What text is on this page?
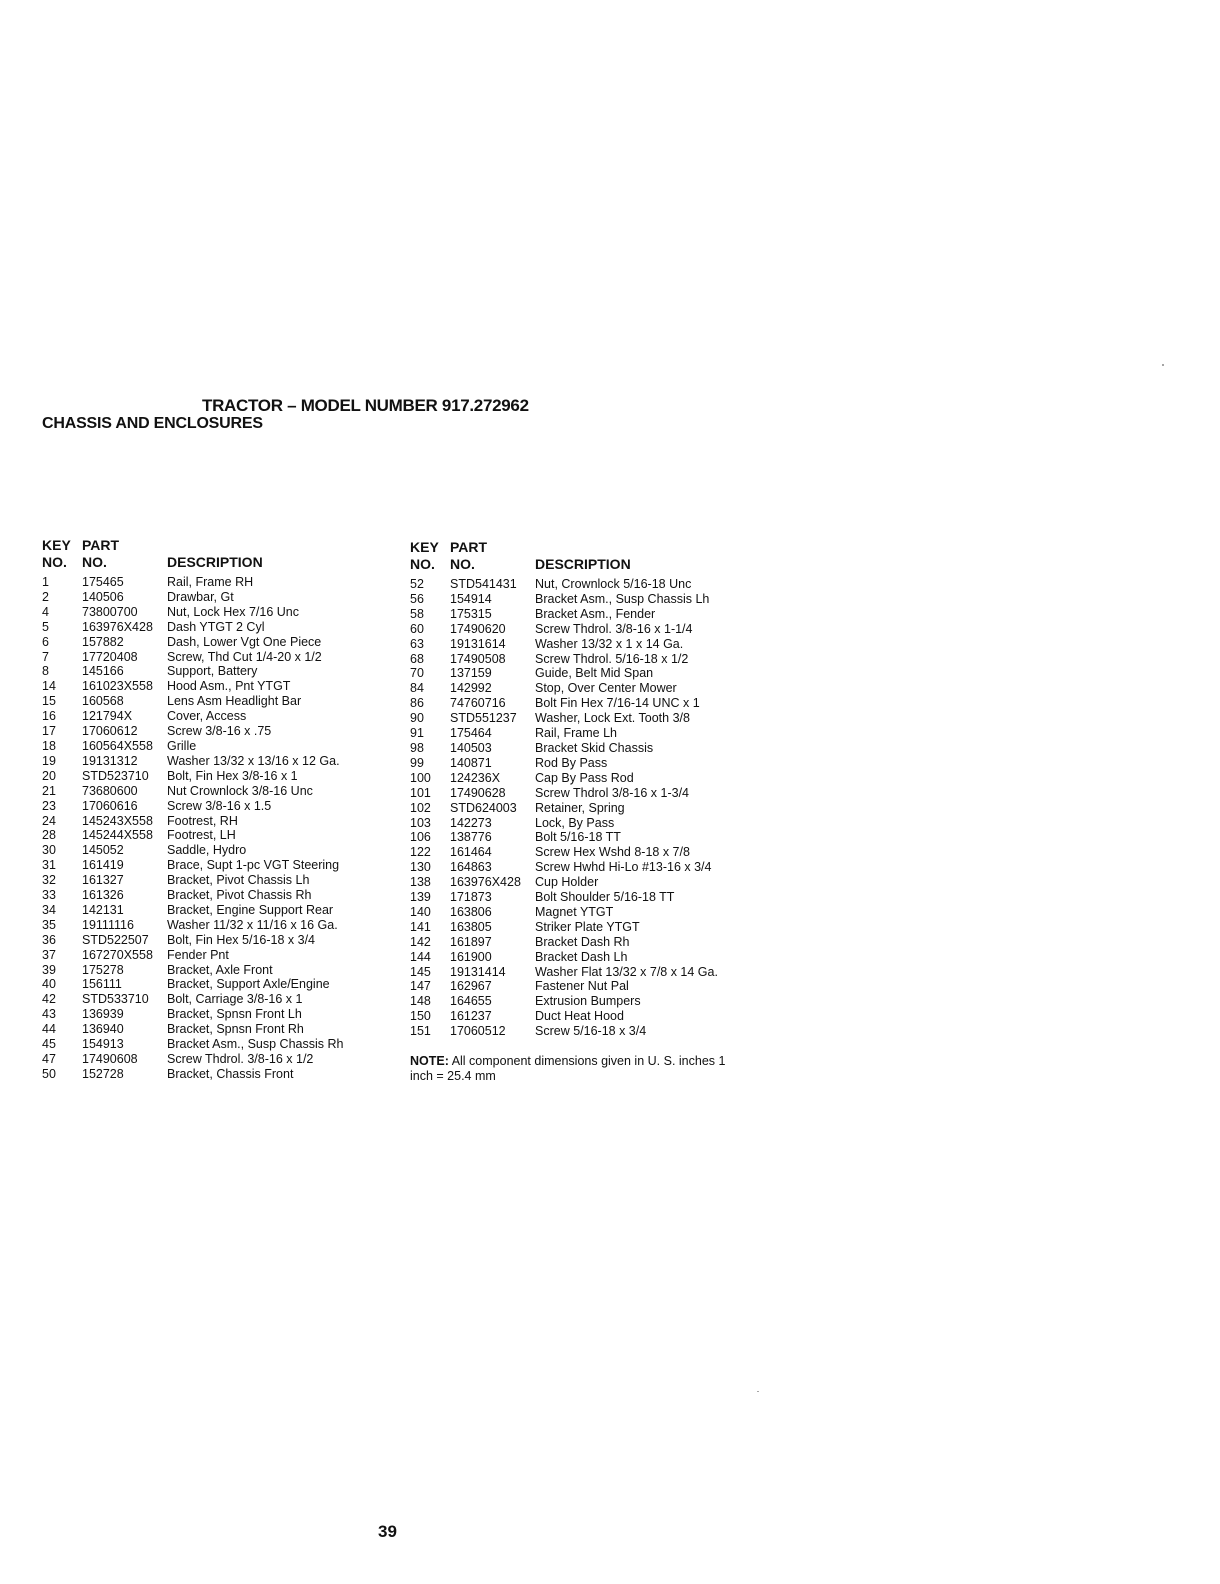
TRACTOR – MODEL NUMBER 917.272962
CHASSIS AND ENCLOSURES
KEY PART
NO. NO.	DESCRIPTION
1	175465	Rail, Frame RH
2	140506	Drawbar, Gt
4	73800700	Nut, Lock Hex 7/16 Unc
5	163976X428	Dash YTGT 2 Cyl
6	157882	Dash, Lower Vgt One Piece
7	17720408	Screw, Thd Cut 1/4-20 x 1/2
8	145166	Support, Battery
14	161023X558	Hood Asm., Pnt YTGT
15	160568	Lens Asm Headlight Bar
16	121794X	Cover, Access
17	17060612	Screw 3/8-16 x .75
18	160564X558	Grille
19	19131312	Washer 13/32 x 13/16 x 12 Ga.
20	STD523710	Bolt, Fin Hex 3/8-16 x 1
21	73680600	Nut Crownlock 3/8-16 Unc
23	17060616	Screw 3/8-16 x 1.5
24	145243X558	Footrest, RH
28	145244X558	Footrest, LH
30	145052	Saddle, Hydro
31	161419	Brace, Supt 1-pc VGT Steering
32	161327	Bracket, Pivot Chassis Lh
33	161326	Bracket, Pivot Chassis Rh
34	142131	Bracket, Engine Support Rear
35	19111116	Washer 11/32 x 11/16 x 16 Ga.
36	STD522507	Bolt, Fin Hex 5/16-18 x 3/4
37	167270X558	Fender Pnt
39	175278	Bracket, Axle Front
40	156111	Bracket, Support Axle/Engine
42	STD533710	Bolt, Carriage 3/8-16 x 1
43	136939	Bracket, Spnsn Front Lh
44	136940	Bracket, Spnsn Front Rh
45	154913	Bracket Asm., Susp Chassis Rh
47	17490608	Screw Thdrol. 3/8-16 x 1/2
50	152728	Bracket, Chassis Front
KEY PART
NO. NO.	DESCRIPTION
52	STD541431	Nut, Crownlock 5/16-18 Unc
56	154914	Bracket Asm., Susp Chassis Lh
58	175315	Bracket Asm., Fender
60	17490620	Screw Thdrol. 3/8-16 x 1-1/4
63	19131614	Washer 13/32 x 1 x 14 Ga.
68	17490508	Screw Thdrol. 5/16-18 x 1/2
70	137159	Guide, Belt Mid Span
84	142992	Stop, Over Center Mower
86	74760716	Bolt Fin Hex 7/16-14 UNC x 1
90	STD551237	Washer, Lock Ext. Tooth 3/8
91	175464	Rail, Frame Lh
98	140503	Bracket Skid Chassis
99	140871	Rod By Pass
100	124236X	Cap By Pass Rod
101	17490628	Screw Thdrol 3/8-16 x 1-3/4
102	STD624003	Retainer, Spring
103	142273	Lock, By Pass
106	138776	Bolt 5/16-18 TT
122	161464	Screw Hex Wshd 8-18 x 7/8
130	164863	Screw Hwhd Hi-Lo #13-16 x 3/4
138	163976X428	Cup Holder
139	171873	Bolt Shoulder 5/16-18 TT
140	163806	Magnet YTGT
141	163805	Striker Plate YTGT
142	161897	Bracket Dash Rh
144	161900	Bracket Dash Lh
145	19131414	Washer Flat 13/32 x 7/8 x 14 Ga.
147	162967	Fastener Nut Pal
148	164655	Extrusion Bumpers
150	161237	Duct Heat Hood
151	17060512	Screw 5/16-18 x 3/4
NOTE: All component dimensions given in U. S. inches 1 inch = 25.4 mm
39
